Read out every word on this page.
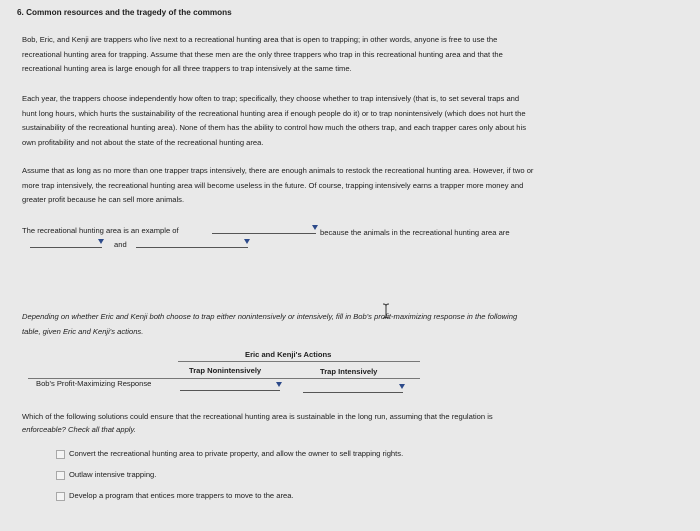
6. Common resources and the tragedy of the commons
Bob, Eric, and Kenji are trappers who live next to a recreational hunting area that is open to trapping; in other words, anyone is free to use the
recreational hunting area for trapping. Assume that these men are the only three trappers who trap in this recreational hunting area and that the
recreational hunting area is large enough for all three trappers to trap intensively at the same time.
Each year, the trappers choose independently how often to trap; specifically, they choose whether to trap intensively (that is, to set several traps and
hunt long hours, which hurts the sustainability of the recreational hunting area if enough people do it) or to trap nonintensively (which does not hurt the
sustainability of the recreational hunting area). None of them has the ability to control how much the others trap, and each trapper cares only about his
own profitability and not about the state of the recreational hunting area.
Assume that as long as no more than one trapper traps intensively, there are enough animals to restock the recreational hunting area. However, if two or
more trap intensively, the recreational hunting area will become useless in the future. Of course, trapping intensively earns a trapper more money and
greater profit because he can sell more animals.
The recreational hunting area is an example of	because the animals in the recreational hunting area are
and
Depending on whether Eric and Kenji both choose to trap either nonintensively or intensively, fill in Bob's profit-maximizing response in the following
table, given Eric and Kenji's actions.
Eric and Kenji's Actions
Trap Nonintensively	Trap Intensively
Bob's Profit-Maximizing Response
Which of the following solutions could ensure that the recreational hunting area is sustainable in the long run, assuming that the regulation is
enforceable? Check all that apply.
Convert the recreational hunting area to private property, and allow the owner to sell trapping rights.
Outlaw intensive trapping.
Develop a program that entices more trappers to move to the area.
